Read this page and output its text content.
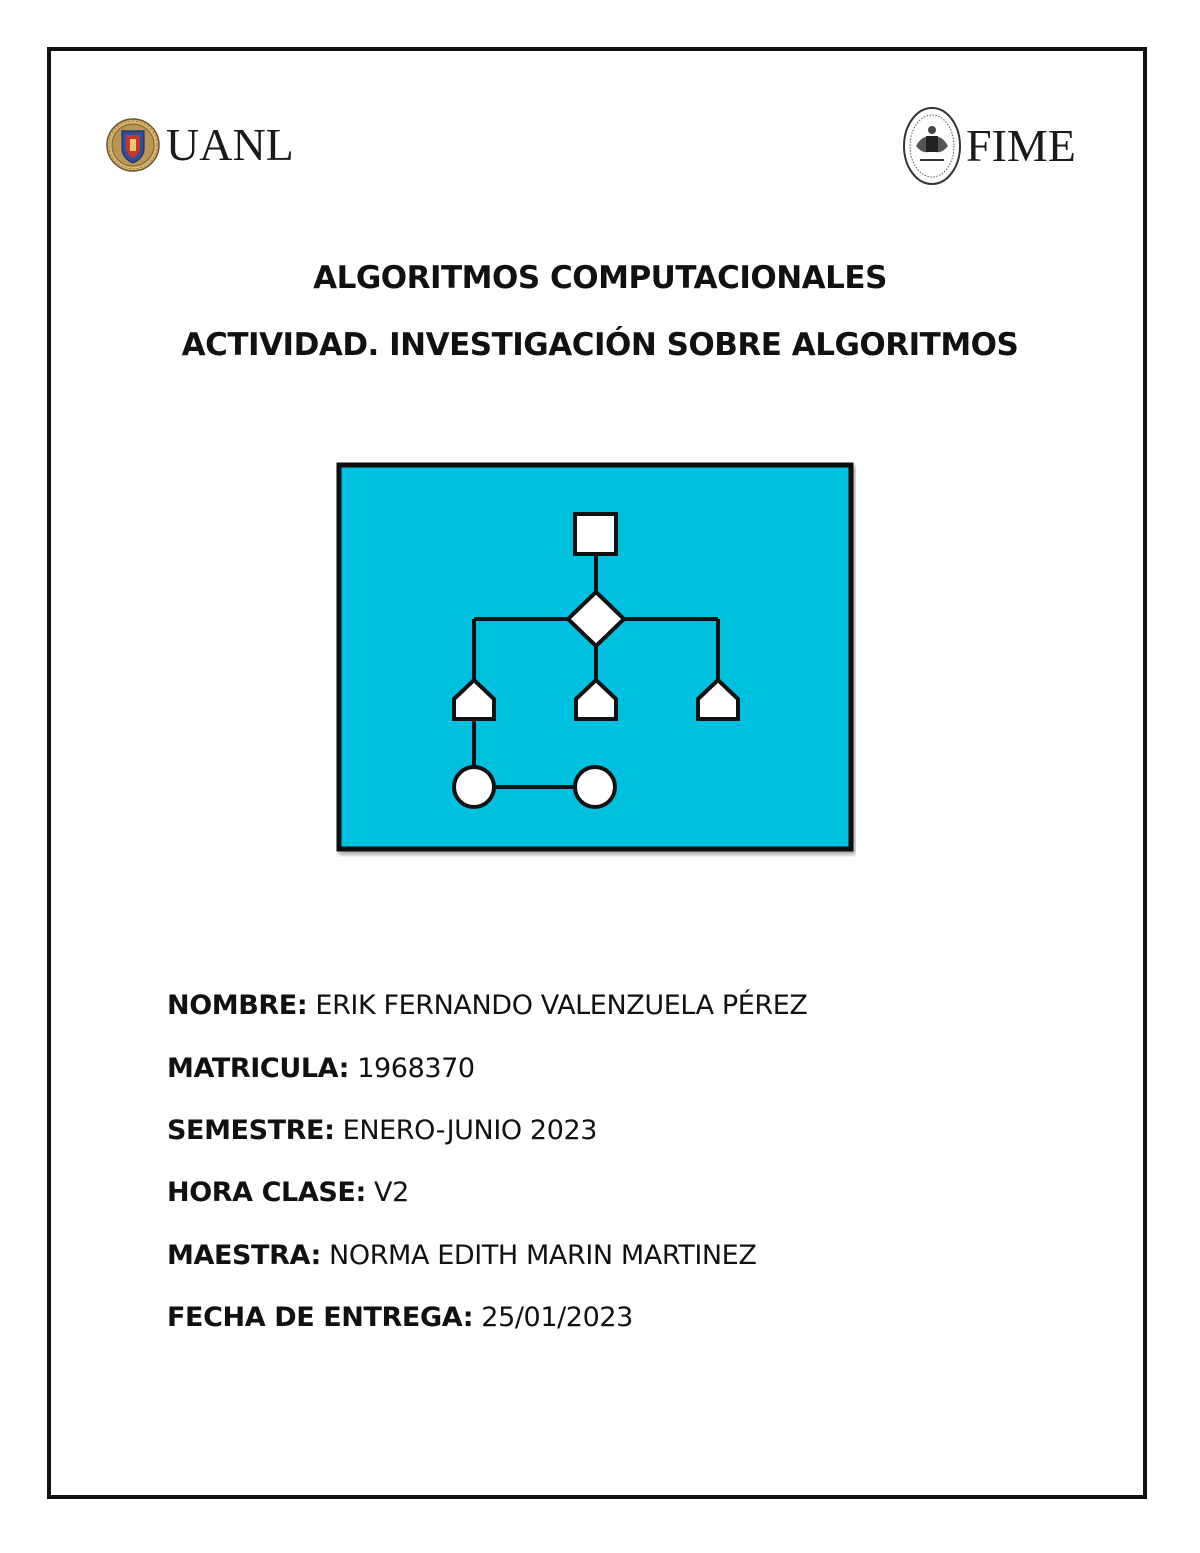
UANL	FIME
ALGORITMOS COMPUTACIONALES
ACTIVIDAD. INVESTIGACIÓN SOBRE ALGORITMOS
NOMBRE: ERIK FERNANDO VALENZUELA PÉREZ
MATRICULA: 1968370
SEMESTRE: ENERO-JUNIO 2023
HORA CLASE: V2
MAESTRA: NORMA EDITH MARIN MARTINEZ
FECHA DE ENTREGA: 25/01/2023
